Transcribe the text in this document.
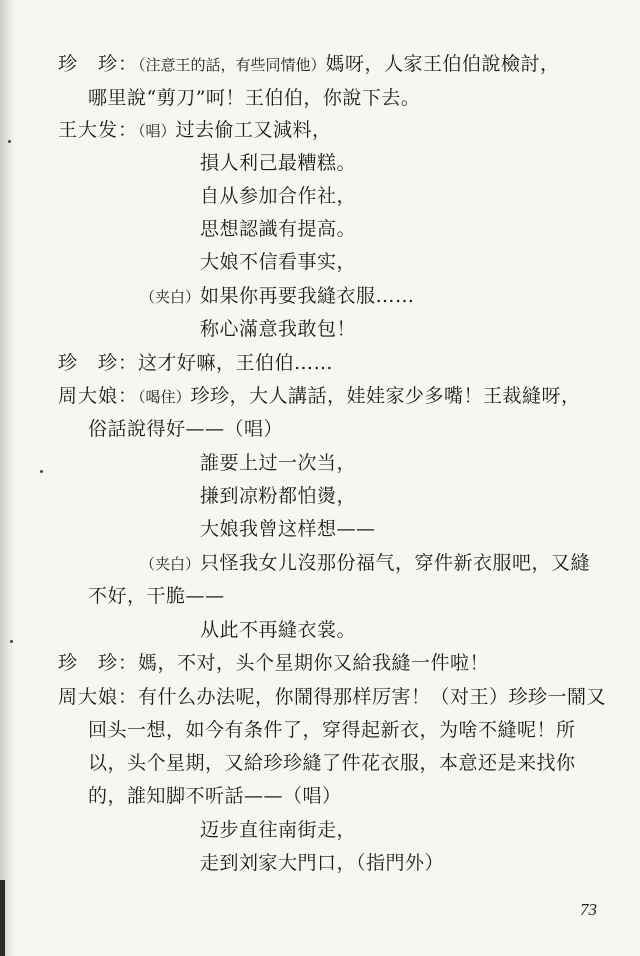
珍　珍：（注意王的話，有些同情他）媽呀，人家王伯伯說檢討，
哪里說“剪刀”呵！王伯伯，你說下去。
王大发：（唱）过去偷工又減料，
損人利己最糟糕。
自从参加合作社，
思想認識有提高。
大娘不信看事实，
（夹白）如果你再要我縫衣服……
称心滿意我敢包！
珍　珍：这才好嘛，王伯伯……
周大娘：（喝住）珍珍，大人講話，娃娃家少多嘴！王裁縫呀，
俗話說得好——（唱）
誰要上过一次当，
搛到凉粉都怕燙，
大娘我曾这样想——
（夹白）只怪我女儿沒那份福气，穿件新衣服吧，又縫
不好，干脆——
从此不再縫衣裳。
珍　珍：媽，不对，头个星期你又給我縫一件啦！
周大娘：有什么办法呢，你鬧得那样厉害！（对王）珍珍一鬧又
回头一想，如今有条件了，穿得起新衣，为啥不縫呢！所
以，头个星期，又給珍珍縫了件花衣服，本意还是来找你
的，誰知脚不听話——（唱）
迈步直往南街走，
走到刘家大門口，（指門外）
73
